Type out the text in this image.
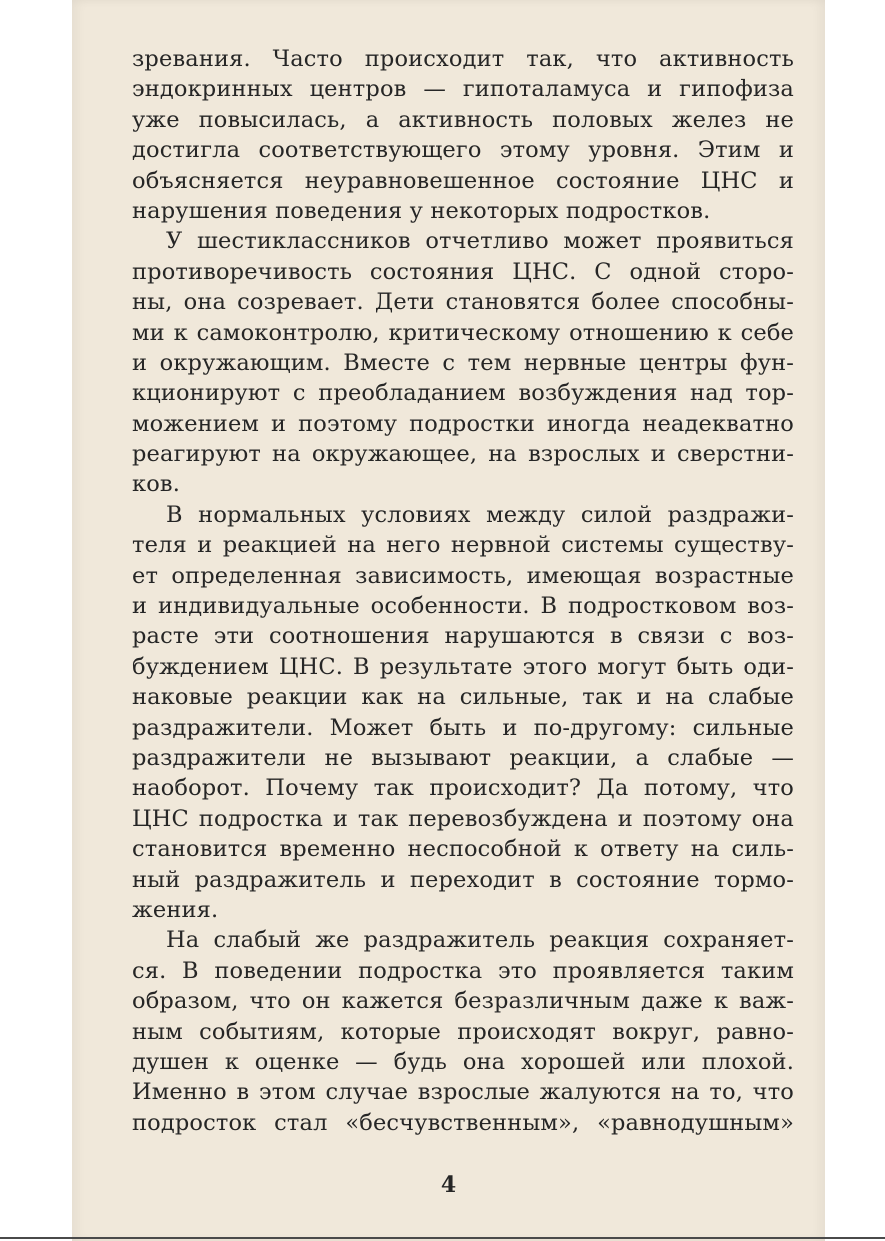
зревания. Часто происходит так, что активность
эндокринных центров — гипоталамуса и гипофиза
уже повысилась, а активность половых желез не
достигла соответствующего этому уровня. Этим и
объясняется неуравновешенное состояние ЦНС и
нарушения поведения у некоторых подростков.
У шестиклассников отчетливо может проявиться
противоречивость состояния ЦНС. С одной сторо-
ны, она созревает. Дети становятся более способны-
ми к самоконтролю, критическому отношению к себе
и окружающим. Вместе с тем нервные центры фун-
кционируют с преобладанием возбуждения над тор-
можением и поэтому подростки иногда неадекватно
реагируют на окружающее, на взрослых и сверстни-
ков.
В нормальных условиях между силой раздражи-
теля и реакцией на него нервной системы существу-
ет определенная зависимость, имеющая возрастные
и индивидуальные особенности. В подростковом воз-
расте эти соотношения нарушаются в связи с воз-
буждением ЦНС. В результате этого могут быть оди-
наковые реакции как на сильные, так и на слабые
раздражители. Может быть и по-другому: сильные
раздражители не вызывают реакции, а слабые —
наоборот. Почему так происходит? Да потому, что
ЦНС подростка и так перевозбуждена и поэтому она
становится временно неспособной к ответу на силь-
ный раздражитель и переходит в состояние тормо-
жения.
На слабый же раздражитель реакция сохраняет-
ся. В поведении подростка это проявляется таким
образом, что он кажется безразличным даже к важ-
ным событиям, которые происходят вокруг, равно-
душен к оценке — будь она хорошей или плохой.
Именно в этом случае взрослые жалуются на то, что
подросток стал «бесчувственным», «равнодушным»
4
